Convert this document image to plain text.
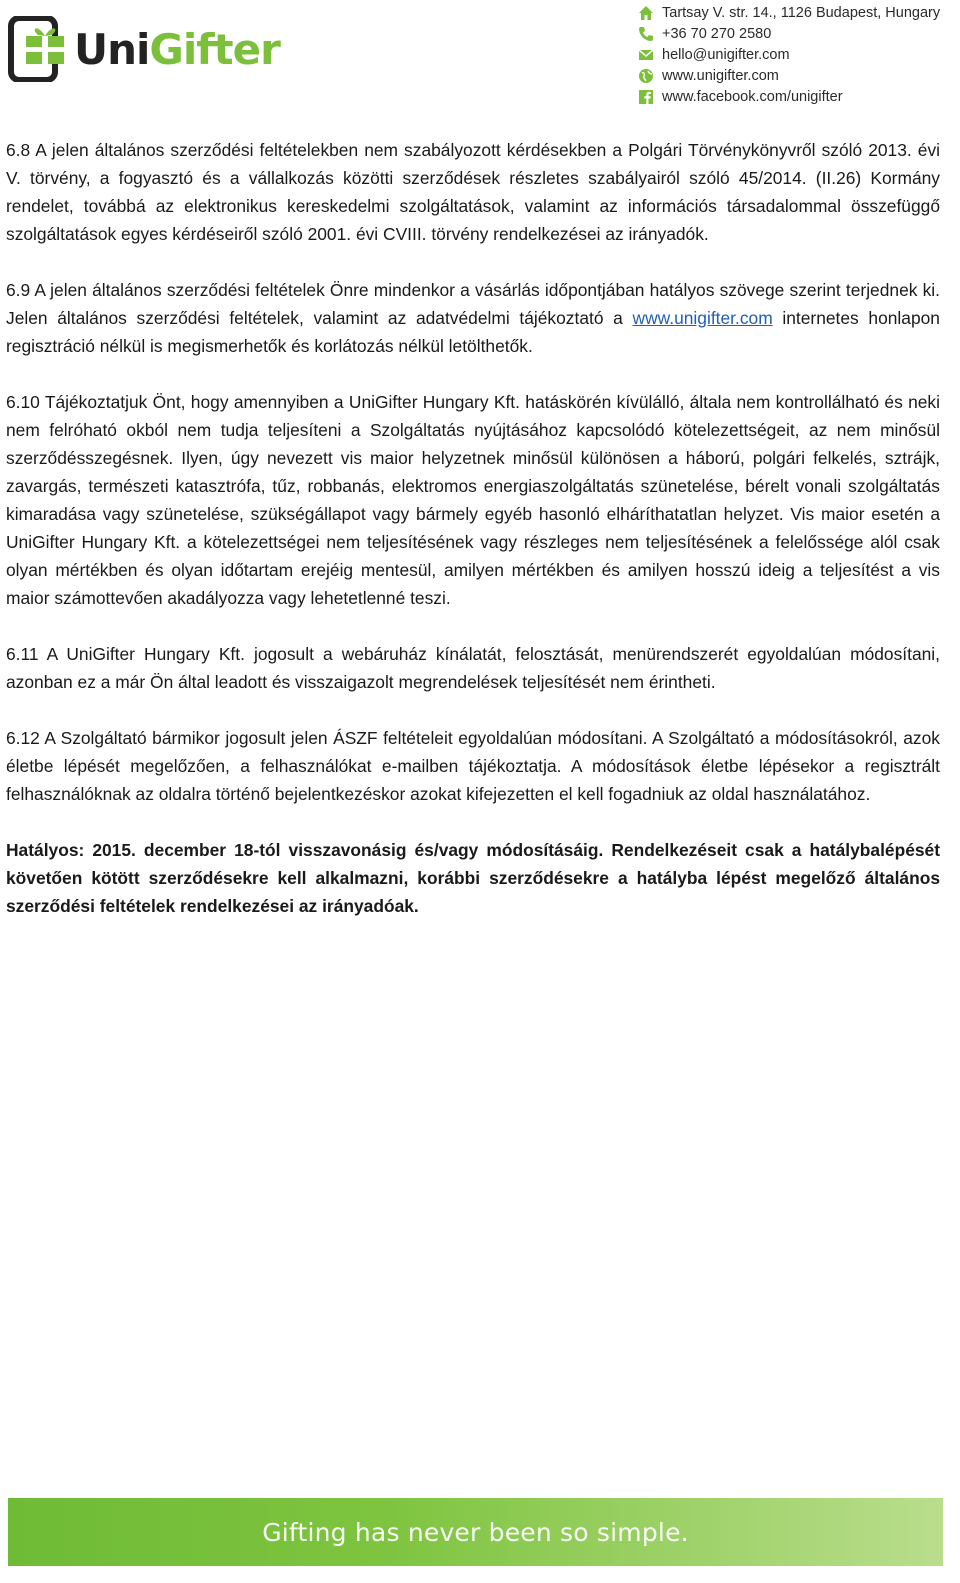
UniGifter
Tartsay V. str. 14., 1126 Budapest, Hungary
+36 70 270 2580
hello@unigifter.com
www.unigifter.com
www.facebook.com/unigifter

6.8 A jelen általános szerződési feltételekben nem szabályozott kérdésekben a Polgári Törvénykönyvről szóló 2013. évi V. törvény, a fogyasztó és a vállalkozás közötti szerződések részletes szabályairól szóló 45/2014. (II.26) Kormány rendelet, továbbá az elektronikus kereskedelmi szolgáltatások, valamint az információs társadalommal összefüggő szolgáltatások egyes kérdéseiről szóló 2001. évi CVIII. törvény rendelkezései az irányadók.

6.9 A jelen általános szerződési feltételek Önre mindenkor a vásárlás időpontjában hatályos szövege szerint terjednek ki. Jelen általános szerződési feltételek, valamint az adatvédelmi tájékoztató a www.unigifter.com internetes honlapon regisztráció nélkül is megismerhetők és korlátozás nélkül letölthetők.

6.10 Tájékoztatjuk Önt, hogy amennyiben a UniGifter Hungary Kft. hatáskörén kívülálló, általa nem kontrollálható és neki nem felróható okból nem tudja teljesíteni a Szolgáltatás nyújtásához kapcsolódó kötelezettségeit, az nem minősül szerződésszegésnek. Ilyen, úgy nevezett vis maior helyzetnek minősül különösen a háború, polgári felkelés, sztrájk, zavargás, természeti katasztrófa, tűz, robbanás, elektromos energiaszolgáltatás szünetelése, bérelt vonali szolgáltatás kimaradása vagy szünetelése, szükségállapot vagy bármely egyéb hasonló elháríthatatlan helyzet. Vis maior esetén a UniGifter Hungary Kft. a kötelezettségei nem teljesítésének vagy részleges nem teljesítésének a felelőssége alól csak olyan mértékben és olyan időtartam erejéig mentesül, amilyen mértékben és amilyen hosszú ideig a teljesítést a vis maior számottevően akadályozza vagy lehetetlenné teszi.

6.11 A UniGifter Hungary Kft. jogosult a webáruház kínálatát, felosztását, menürendszerét egyoldalúan módosítani, azonban ez a már Ön által leadott és visszaigazolt megrendelések teljesítését nem érintheti.

6.12 A Szolgáltató bármikor jogosult jelen ÁSZF feltételeit egyoldalúan módosítani. A Szolgáltató a módosításokról, azok életbe lépését megelőzően, a felhasználókat e-mailben tájékoztatja. A módosítások életbe lépésekor a regisztrált felhasználóknak az oldalra történő bejelentkezéskor azokat kifejezetten el kell fogadniuk az oldal használatához.

Hatályos: 2015. december 18-tól visszavonásig és/vagy módosításáig. Rendelkezéseit csak a hatálybalépését követően kötött szerződésekre kell alkalmazni, korábbi szerződésekre a hatályba lépést megelőző általános szerződési feltételek rendelkezései az irányadóak.

Gifting has never been so simple.
